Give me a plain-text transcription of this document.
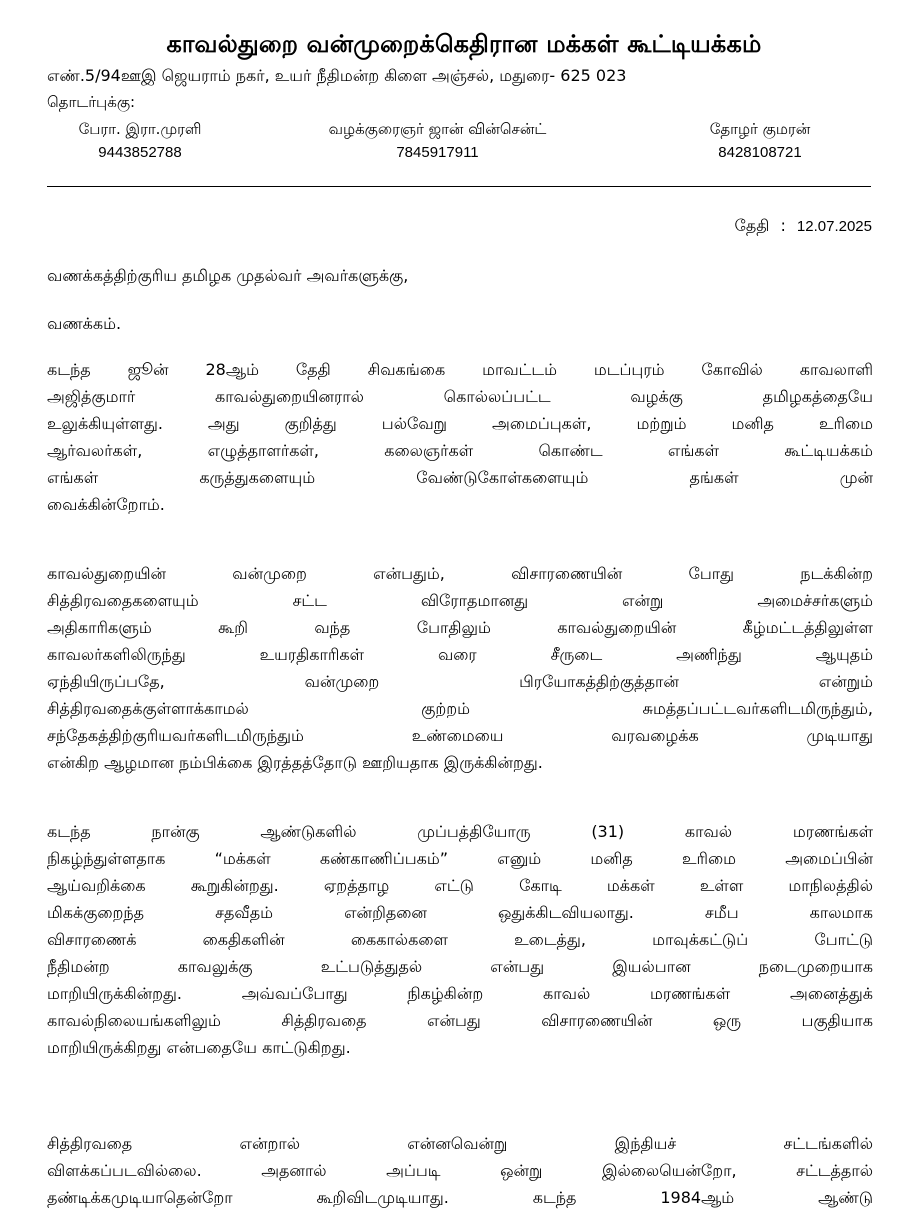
காவல்துறை வன்முறைக்கெதிரான மக்கள் கூட்டியக்கம்
எண்.5/94ஊஇ ஜெயராம் நகர், உயர் நீதிமன்ற கிளை அஞ்சல், மதுரை- 625 023
தொடர்புக்கு:
பேரா. இரா.முரளி
9443852788
வழக்குரைஞர் ஜான் வின்சென்ட்
7845917911
தோழர் குமரன்
8428108721
தேதி : 12.07.2025
வணக்கத்திற்குரிய தமிழக முதல்வர் அவர்களுக்கு,
வணக்கம்.
கடந்த ஜூன் 28ஆம் தேதி சிவகங்கை மாவட்டம் மடப்புரம் கோவில் காவலாளி
அஜித்குமார் காவல்துறையினரால் கொல்லப்பட்ட வழக்கு தமிழகத்தையே
உலுக்கியுள்ளது. அது குறித்து பல்வேறு அமைப்புகள், மற்றும் மனித உரிமை
ஆர்வலர்கள், எழுத்தாளர்கள், கலைஞர்கள் கொண்ட எங்கள் கூட்டியக்கம்
எங்கள் கருத்துகளையும் வேண்டுகோள்களையும் தங்கள் முன்
வைக்கின்றோம்.
காவல்துறையின் வன்முறை என்பதும், விசாரணையின் போது நடக்கின்ற
சித்திரவதைகளையும் சட்ட விரோதமானது என்று அமைச்சர்களும்
அதிகாரிகளும் கூறி வந்த போதிலும் காவல்துறையின் கீழ்மட்டத்திலுள்ள
காவலர்களிலிருந்து உயரதிகாரிகள் வரை சீருடை அணிந்து ஆயுதம்
ஏந்தியிருப்பதே, வன்முறை பிரயோகத்திற்குத்தான் என்றும்
சித்திரவதைக்குள்ளாக்காமல் குற்றம் சுமத்தப்பட்டவர்களிடமிருந்தும்,
சந்தேகத்திற்குரியவர்களிடமிருந்தும் உண்மையை வரவழைக்க முடியாது
என்கிற ஆழமான நம்பிக்கை இரத்தத்தோடு ஊறியதாக இருக்கின்றது.
கடந்த நான்கு ஆண்டுகளில் முப்பத்தியோரு (31) காவல் மரணங்கள்
நிகழ்ந்துள்ளதாக “மக்கள் கண்காணிப்பகம்” எனும் மனித உரிமை அமைப்பின்
ஆய்வறிக்கை கூறுகின்றது. ஏறத்தாழ எட்டு கோடி மக்கள் உள்ள மாநிலத்தில்
மிகக்குறைந்த சதவீதம் என்றிதனை ஒதுக்கிடவியலாது. சமீப காலமாக
விசாரணைக் கைதிகளின் கைகால்களை உடைத்து, மாவுக்கட்டுப் போட்டு
நீதிமன்ற காவலுக்கு உட்படுத்துதல் என்பது இயல்பான நடைமுறையாக
மாறியிருக்கின்றது. அவ்வப்போது நிகழ்கின்ற காவல் மரணங்கள் அனைத்துக்
காவல்நிலையங்களிலும் சித்திரவதை என்பது விசாரணையின் ஒரு பகுதியாக
மாறியிருக்கிறது என்பதையே காட்டுகிறது.
சித்திரவதை என்றால் என்னவென்று இந்தியச் சட்டங்களில்
விளக்கப்படவில்லை. அதனால் அப்படி ஒன்று இல்லையென்றோ, சட்டத்தால்
தண்டிக்கமுடியாதென்றோ கூறிவிடமுடியாது. கடந்த 1984ஆம் ஆண்டு
